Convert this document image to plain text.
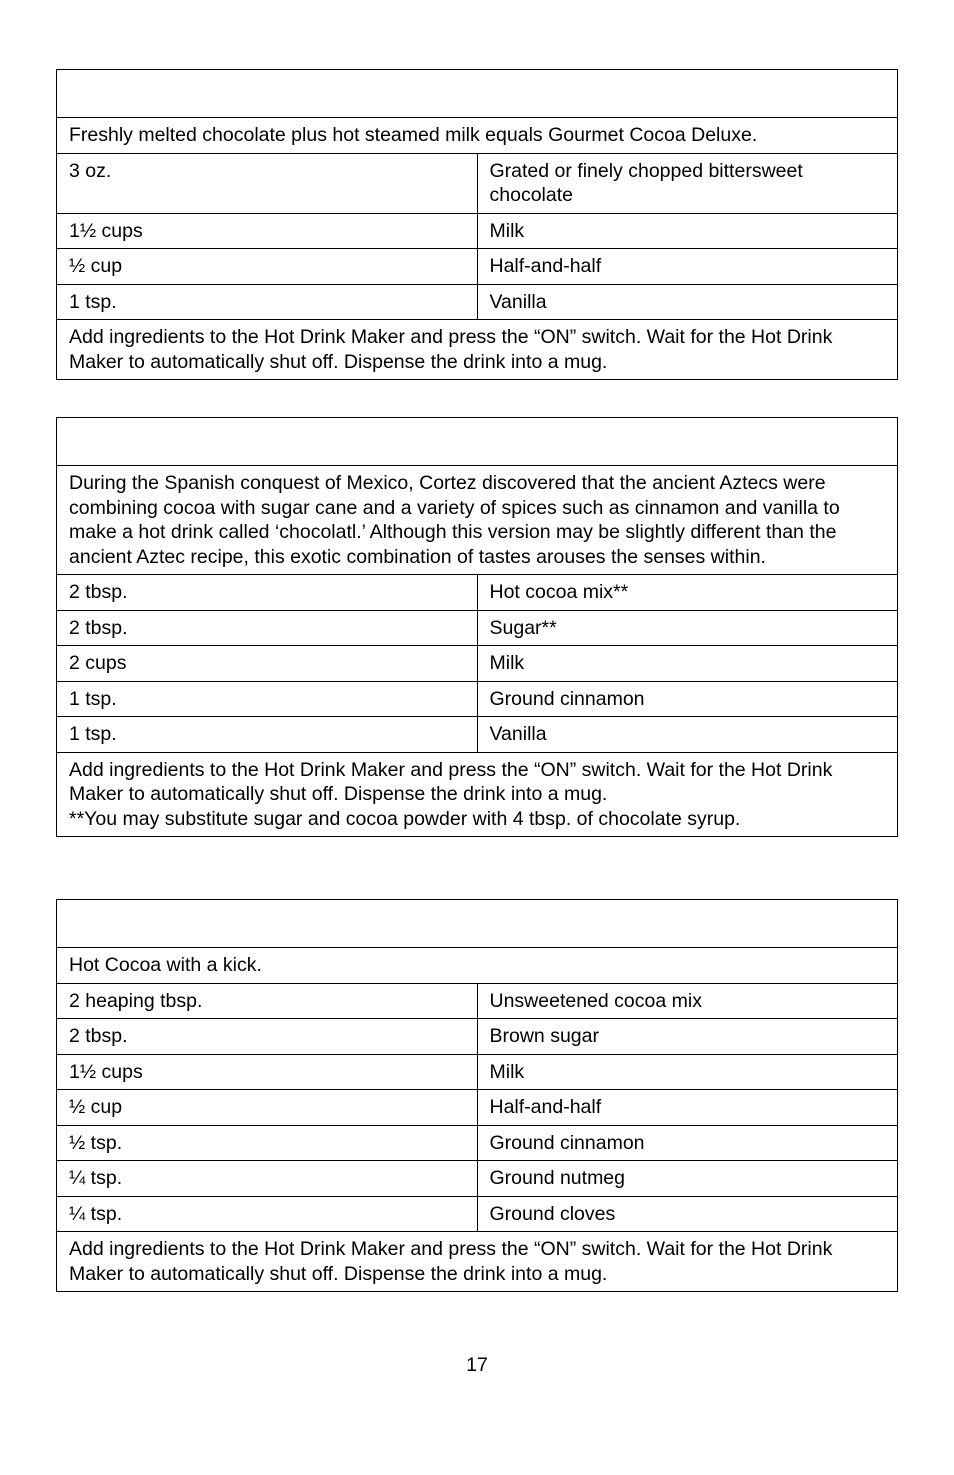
Freshly melted chocolate plus hot steamed milk equals Gourmet Cocoa Deluxe.	
3 oz.	Grated or finely chopped bittersweet chocolate
1½ cups	Milk
½ cup	Half-and-half
1 tsp.	Vanilla
Add ingredients to the Hot Drink Maker and press the “ON” switch. Wait for the Hot Drink Maker to automatically shut off. Dispense the drink into a mug.	

During the Spanish conquest of Mexico, Cortez discovered that the ancient Aztecs were combining cocoa with sugar cane and a variety of spices such as cinnamon and vanilla to make a hot drink called ‘chocolatl.’ Although this version may be slightly different than the ancient Aztec recipe, this exotic combination of tastes arouses the senses within.	
2 tbsp.	Hot cocoa mix**
2 tbsp.	Sugar**
2 cups	Milk
1 tsp.	Ground cinnamon
1 tsp.	Vanilla

Add ingredients to the Hot Drink Maker and press the “ON” switch. Wait for the Hot Drink Maker to automatically shut off. Dispense the drink into a mug.
**You may substitute sugar and cocoa powder with 4 tbsp. of chocolate syrup.	

Hot Cocoa with a kick.	
2 heaping tbsp.	Unsweetened cocoa mix
2 tbsp.	Brown sugar
1½ cups	Milk
½ cup	Half-and-half
½ tsp.	Ground cinnamon
¼ tsp.	Ground nutmeg
¼ tsp.	Ground cloves
Add ingredients to the Hot Drink Maker and press the “ON” switch. Wait for the Hot Drink Maker to automatically shut off. Dispense the drink into a mug.	
17
